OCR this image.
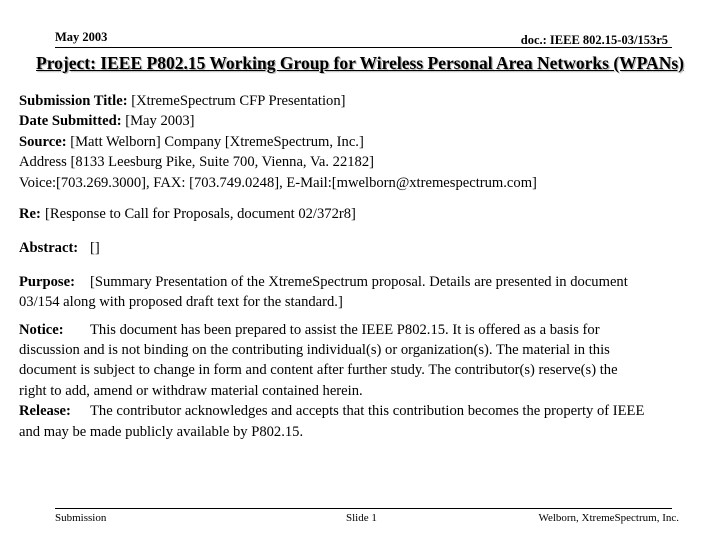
May 2003	doc.: IEEE 802.15-03/153r5
Project: IEEE P802.15 Working Group for Wireless Personal Area Networks (WPANs)
Submission Title: [XtremeSpectrum CFP Presentation]
Date Submitted: [May 2003]
Source: [Matt Welborn] Company [XtremeSpectrum, Inc.]
Address [8133 Leesburg Pike, Suite 700, Vienna, Va. 22182]
Voice:[703.269.3000], FAX: [703.749.0248], E-Mail:[mwelborn@xtremespectrum.com]
Re: [Response to Call for Proposals, document 02/372r8]
Abstract: []
Purpose: [Summary Presentation of the XtremeSpectrum proposal. Details are presented in document
03/154 along with proposed draft text for the standard.]
Notice: This document has been prepared to assist the IEEE P802.15. It is offered as a basis for
discussion and is not binding on the contributing individual(s) or organization(s). The material in this
document is subject to change in form and content after further study. The contributor(s) reserve(s) the
right to add, amend or withdraw material contained herein.
Release: The contributor acknowledges and accepts that this contribution becomes the property of IEEE
and may be made publicly available by P802.15.
Submission	Slide 1	Welborn, XtremeSpectrum, Inc.
